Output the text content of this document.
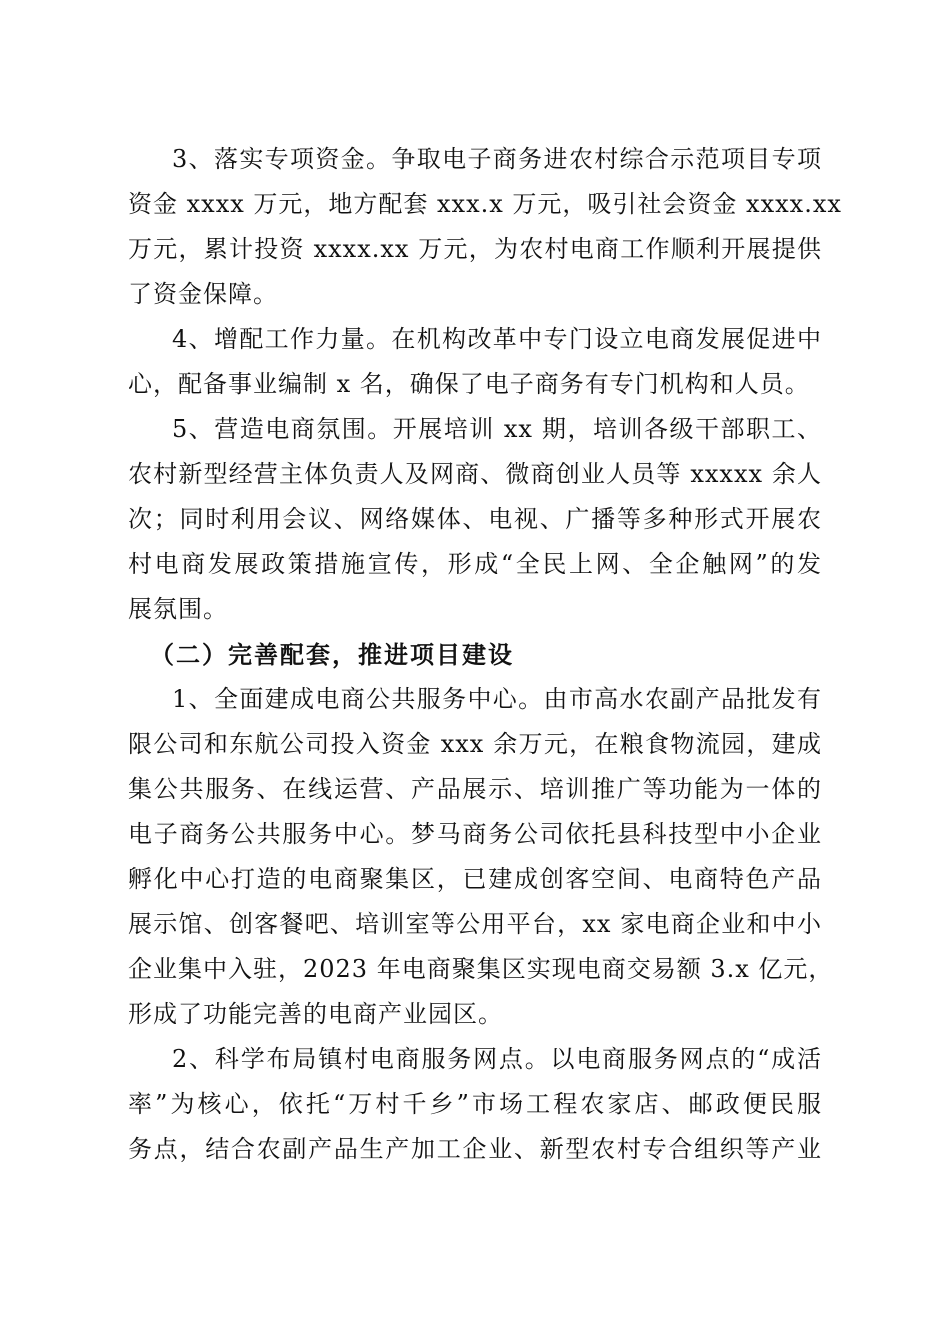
3、落实专项资金。争取电子商务进农村综合示范项目专项
资金 xxxx 万元，地方配套 xxx.x 万元，吸引社会资金 xxxx.xx
万元，累计投资 xxxx.xx 万元，为农村电商工作顺利开展提供
了资金保障。
4、增配工作力量。在机构改革中专门设立电商发展促进中
心，配备事业编制 x 名，确保了电子商务有专门机构和人员。
5、营造电商氛围。开展培训 xx 期，培训各级干部职工、
农村新型经营主体负责人及网商、微商创业人员等 xxxxx 余人
次；同时利用会议、网络媒体、电视、广播等多种形式开展农
村电商发展政策措施宣传，形成“全民上网、全企触网”的发
展氛围。
（二）完善配套，推进项目建设
1、全面建成电商公共服务中心。由市高水农副产品批发有
限公司和东航公司投入资金 xxx 余万元，在粮食物流园，建成
集公共服务、在线运营、产品展示、培训推广等功能为一体的
电子商务公共服务中心。梦马商务公司依托县科技型中小企业
孵化中心打造的电商聚集区，已建成创客空间、电商特色产品
展示馆、创客餐吧、培训室等公用平台，xx 家电商企业和中小
企业集中入驻，2023 年电商聚集区实现电商交易额 3.x 亿元，
形成了功能完善的电商产业园区。
2、科学布局镇村电商服务网点。以电商服务网点的“成活
率”为核心，依托“万村千乡”市场工程农家店、邮政便民服
务点，结合农副产品生产加工企业、新型农村专合组织等产业
